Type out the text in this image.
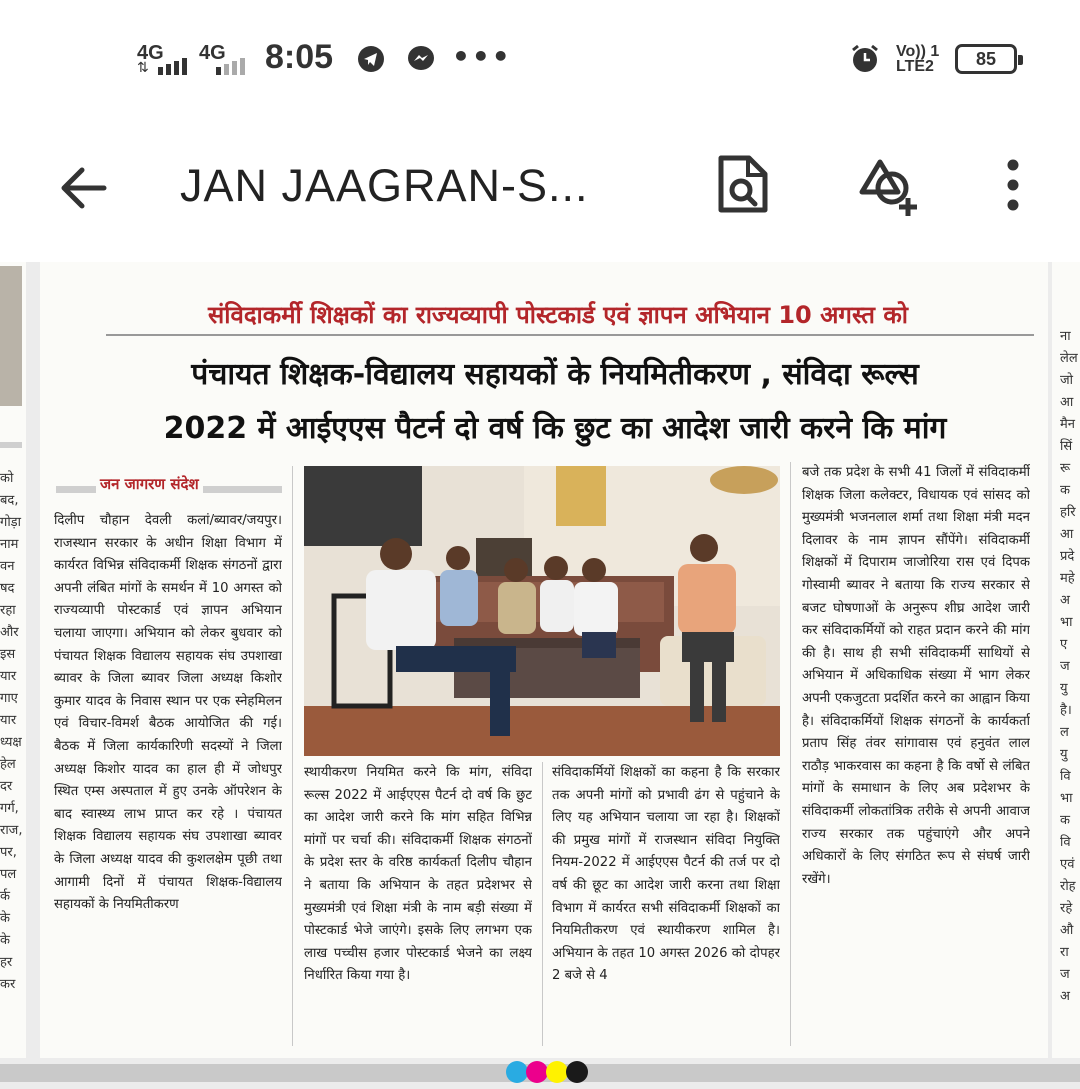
4G
⇅
4G 8:05	•••	Vo)) 1
LTE2 85
JAN JAAGRAN-S...
को
बद,
गोड़ा
नाम
वन
षद
रहा
और
इस
यार
गाए
यार
ध्यक्ष
हेल
दर
गर्ग,
राज,
पर,
पल
र्क
के
के
हर
कर
संविदाकर्मी शिक्षकों का राज्यव्यापी पोस्टकार्ड एवं ज्ञापन अभियान 10 अगस्त को
पंचायत शिक्षक-विद्यालय सहायकों के नियमितीकरण , संविदा रूल्स
2022 में आईएएस पैटर्न दो वर्ष कि छुट का आदेश जारी करने कि मांग
जन जागरण संदेश
दिलीप चौहान देवली कलां/ब्यावर/जयपुर। राजस्थान सरकार के अधीन शिक्षा विभाग में कार्यरत विभिन्न संविदाकर्मी शिक्षक संगठनों द्वारा अपनी लंबित मांगों के समर्थन में 10 अगस्त को राज्यव्यापी पोस्टकार्ड एवं ज्ञापन अभियान चलाया जाएगा। अभियान को लेकर बुधवार को पंचायत शिक्षक विद्यालय सहायक संघ उपशाखा ब्यावर के जिला ब्यावर जिला अध्यक्ष किशोर कुमार यादव के निवास स्थान पर एक स्नेहमिलन एवं विचार-विमर्श बैठक आयोजित की गई। बैठक में जिला कार्यकारिणी सदस्यों ने जिला अध्यक्ष किशोर यादव का हाल ही में जोधपुर स्थित एम्स अस्पताल में हुए उनके ऑपरेशन के बाद स्वास्थ्य लाभ प्राप्त कर रहे । पंचायत शिक्षक विद्यालय सहायक संघ उपशाखा ब्यावर के जिला अध्यक्ष यादव की कुशलक्षेम पूछी तथा आगामी दिनों में पंचायत शिक्षक-विद्यालय सहायकों के नियमितीकरण
स्थायीकरण नियमित करने कि मांग, संविदा रूल्स 2022 में आईएएस पैटर्न दो वर्ष कि छुट का आदेश जारी करने कि मांग सहित विभिन्न मांगों पर चर्चा की। संविदाकर्मी शिक्षक संगठनों के प्रदेश स्तर के वरिष्ठ कार्यकर्ता दिलीप चौहान ने बताया कि अभियान के तहत प्रदेशभर से मुख्यमंत्री एवं शिक्षा मंत्री के नाम बड़ी संख्या में पोस्टकार्ड भेजे जाएंगे। इसके लिए लगभग एक लाख पच्चीस हजार पोस्टकार्ड भेजने का लक्ष्य निर्धारित किया गया है।
संविदाकर्मियों शिक्षकों का कहना है कि सरकार तक अपनी मांगों को प्रभावी ढंग से पहुंचाने के लिए यह अभियान चलाया जा रहा है। शिक्षकों की प्रमुख मांगों में राजस्थान संविदा नियुक्ति नियम-2022 में आईएएस पैटर्न की तर्ज पर दो वर्ष की छूट का आदेश जारी करना तथा शिक्षा विभाग में कार्यरत सभी संविदाकर्मी शिक्षकों का नियमितीकरण एवं स्थायीकरण शामिल है। अभियान के तहत 10 अगस्त 2026 को दोपहर 2 बजे से 4
बजे तक प्रदेश के सभी 41 जिलों में संविदाकर्मी शिक्षक जिला कलेक्टर, विधायक एवं सांसद को मुख्यमंत्री भजनलाल शर्मा तथा शिक्षा मंत्री मदन दिलावर के नाम ज्ञापन सौंपेंगे। संविदाकर्मी शिक्षकों में दिपाराम जाजोरिया रास एवं दिपक गोस्वामी ब्यावर ने बताया कि राज्य सरकार से बजट घोषणाओं के अनुरूप शीघ्र आदेश जारी कर संविदाकर्मियों को राहत प्रदान करने की मांग की है। साथ ही सभी संविदाकर्मी साथियों से अभियान में अधिकाधिक संख्या में भाग लेकर अपनी एकजुटता प्रदर्शित करने का आह्वान किया है। संविदाकर्मियों शिक्षक संगठनों के कार्यकर्ता प्रताप सिंह तंवर सांगावास एवं हनुवंत लाल राठौड़ भाकरवास का कहना है कि वर्षो से लंबित मांगों के समाधान के लिए अब प्रदेशभर के संविदाकर्मी लोकतांत्रिक तरीके से अपनी आवाज राज्य सरकार तक पहुंचाएंगे और अपने अधिकारों के लिए संगठित रूप से संघर्ष जारी रखेंगे।
ना
लेल
जो
आ
मैन
सिं
रू
क
हरि
आ
प्रदे
महे
अ
भा
ए
ज
यु
है।
ल
यु
वि
भा
क
वि
एवं
रोह
रहे
औ
रा
ज
अ
